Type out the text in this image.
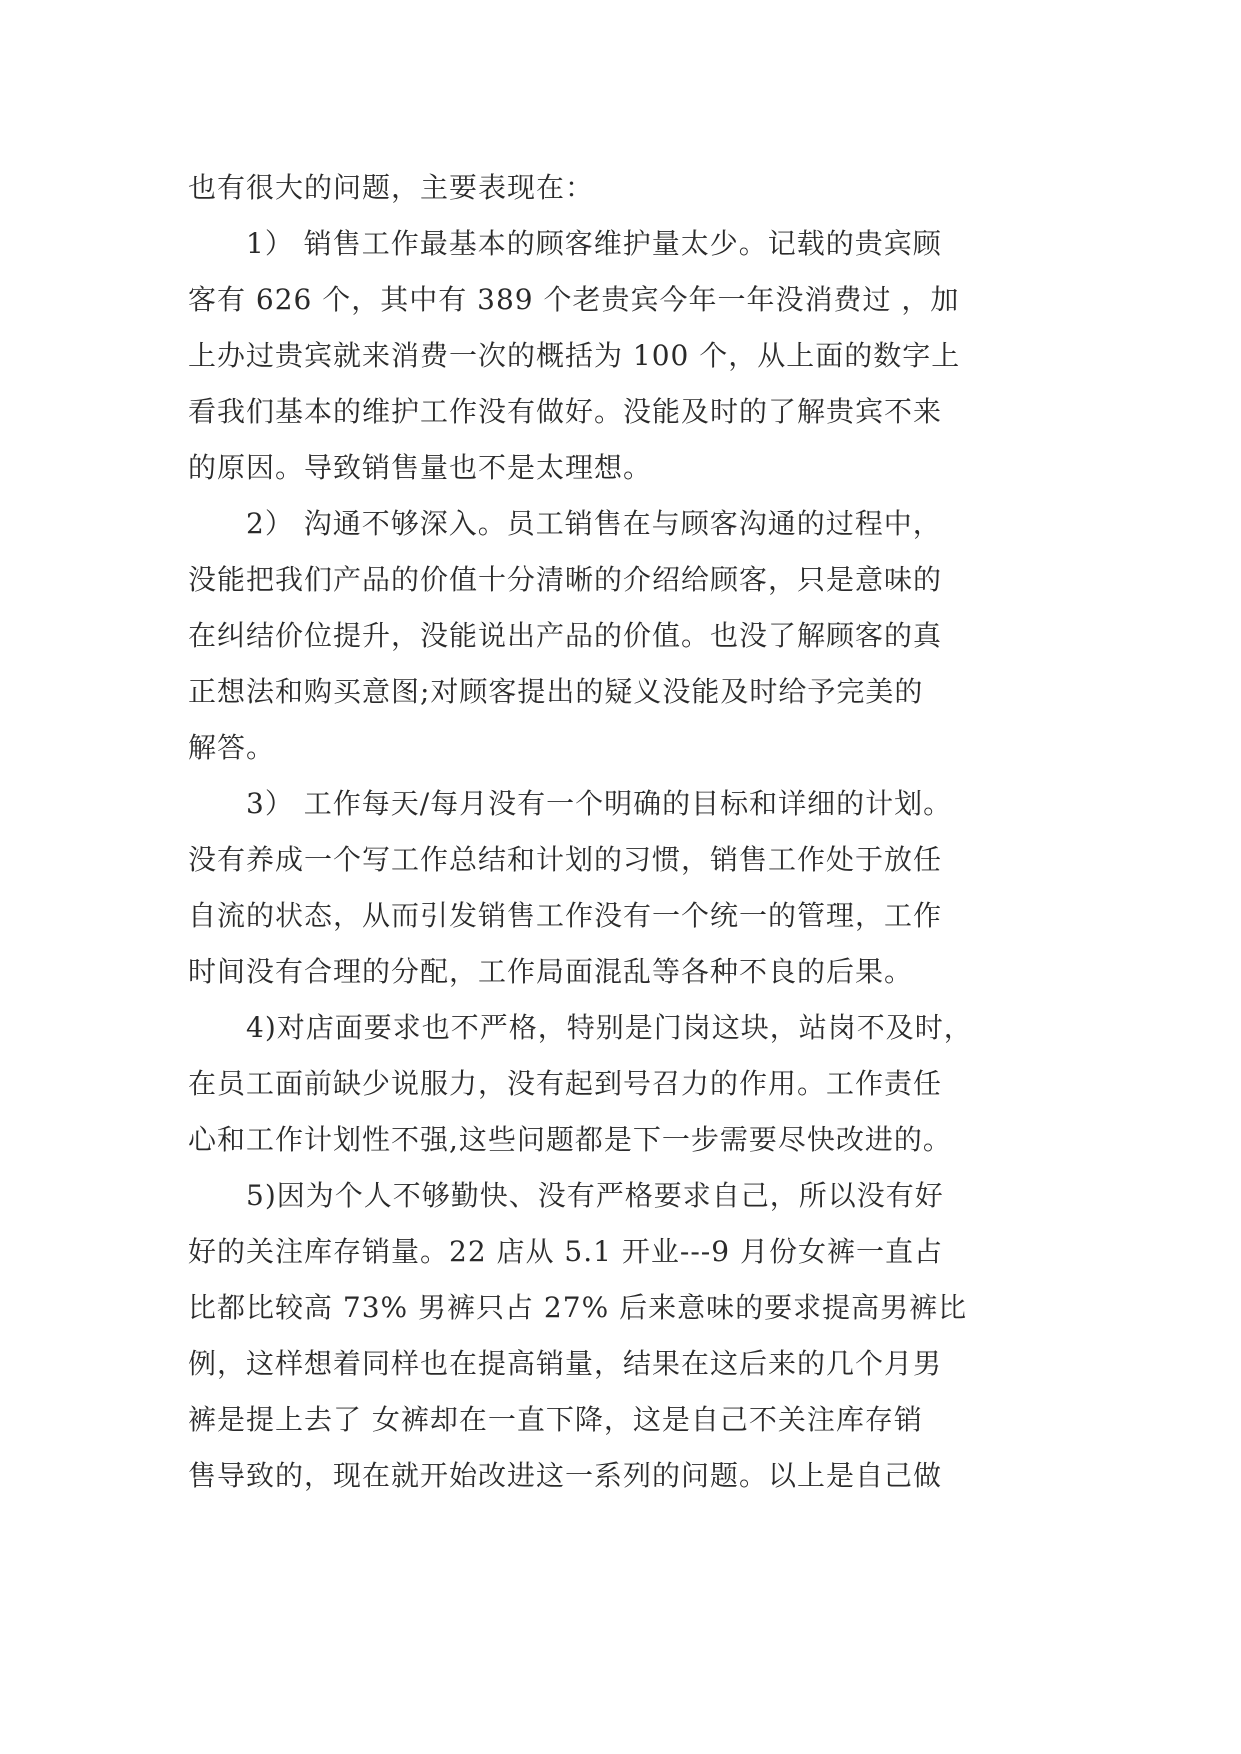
也有很大的问题，主要表现在：
1） 销售工作最基本的顾客维护量太少。记载的贵宾顾
客有 626 个，其中有 389 个老贵宾今年一年没消费过 ，加
上办过贵宾就来消费一次的概括为 100 个，从上面的数字上
看我们基本的维护工作没有做好。没能及时的了解贵宾不来
的原因。导致销售量也不是太理想。
2） 沟通不够深入。员工销售在与顾客沟通的过程中，
没能把我们产品的价值十分清晰的介绍给顾客，只是意味的
在纠结价位提升，没能说出产品的价值。也没了解顾客的真
正想法和购买意图;对顾客提出的疑义没能及时给予完美的
解答。
3） 工作每天/每月没有一个明确的目标和详细的计划。
没有养成一个写工作总结和计划的习惯，销售工作处于放任
自流的状态，从而引发销售工作没有一个统一的管理，工作
时间没有合理的分配，工作局面混乱等各种不良的后果。
4)对店面要求也不严格，特别是门岗这块，站岗不及时，
在员工面前缺少说服力，没有起到号召力的作用。工作责任
心和工作计划性不强,这些问题都是下一步需要尽快改进的。
5)因为个人不够勤快、没有严格要求自己，所以没有好
好的关注库存销量。22 店从 5.1 开业---9 月份女裤一直占
比都比较高 73% 男裤只占 27% 后来意味的要求提高男裤比
例，这样想着同样也在提高销量，结果在这后来的几个月男
裤是提上去了 女裤却在一直下降，这是自己不关注库存销
售导致的，现在就开始改进这一系列的问题。以上是自己做
